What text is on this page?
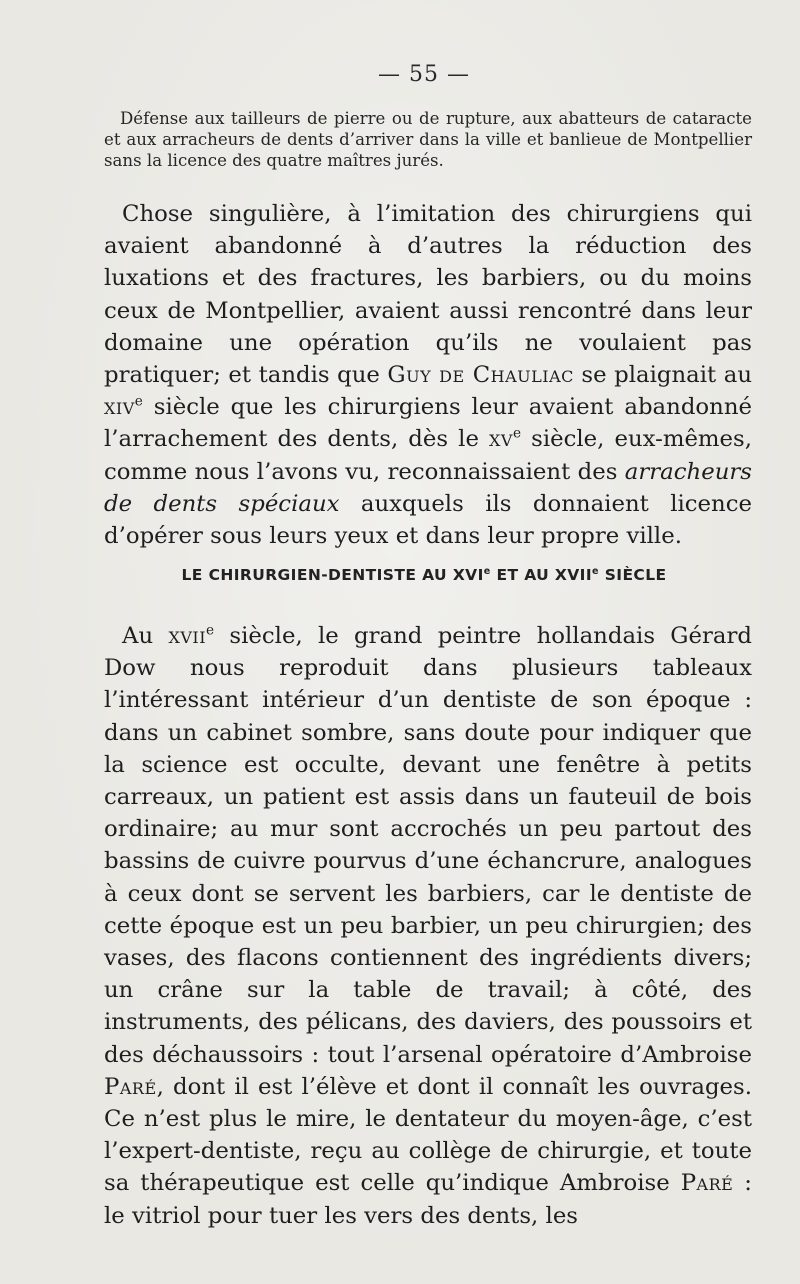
— 55 —
Défense aux tailleurs de pierre ou de rupture, aux abatteurs de cataracte et aux arracheurs de dents d’arriver dans la ville et banlieue de Montpellier sans la licence des quatre maîtres jurés.
Chose singulière, à l’imitation des chirurgiens qui avaient abandonné à d’autres la réduction des luxations et des fractures, les barbiers, ou du moins ceux de Montpellier, avaient aussi rencontré dans leur domaine une opération qu’ils ne voulaient pas pratiquer; et tandis que Guy de Chauliac se plaignait au xiv$^e$ siècle que les chirurgiens leur avaient abandonné l’arrachement des dents, dès le $xv^e$ siècle, eux-mêmes, comme nous l’avons vu, reconnaissaient des arracheurs de dents spéciaux auxquels ils donnaient licence d’opérer sous leurs yeux et dans leur propre ville.
LE CHIRURGIEN-DENTISTE AU XVIe ET AU XVIIe SIÈCLE
Au xvii$^e$ siècle, le grand peintre hollandais Gérard Dow nous reproduit dans plusieurs tableaux l’intéressant intérieur d’un dentiste de son époque : dans un cabinet sombre, sans doute pour indiquer que la science est occulte, devant une fenêtre à petits carreaux, un patient est assis dans un fauteuil de bois ordinaire; au mur sont accrochés un peu partout des bassins de cuivre pourvus d’une échancrure, analogues à ceux dont se servent les barbiers, car le dentiste de cette époque est un peu barbier, un peu chirurgien; des vases, des flacons contiennent des ingrédients divers; un crâne sur la table de travail; à côté, des instruments, des pélicans, des daviers, des poussoirs et des déchaussoirs : tout l’arsenal opératoire d’Ambroise Paré, dont il est l’élève et dont il connaît les ouvrages. Ce n’est plus le mire, le dentateur du moyen-âge, c’est l’expert-dentiste, reçu au collège de chirurgie, et toute sa thérapeutique est celle qu’indique Ambroise Paré : le vitriol pour tuer les vers des dents, les
